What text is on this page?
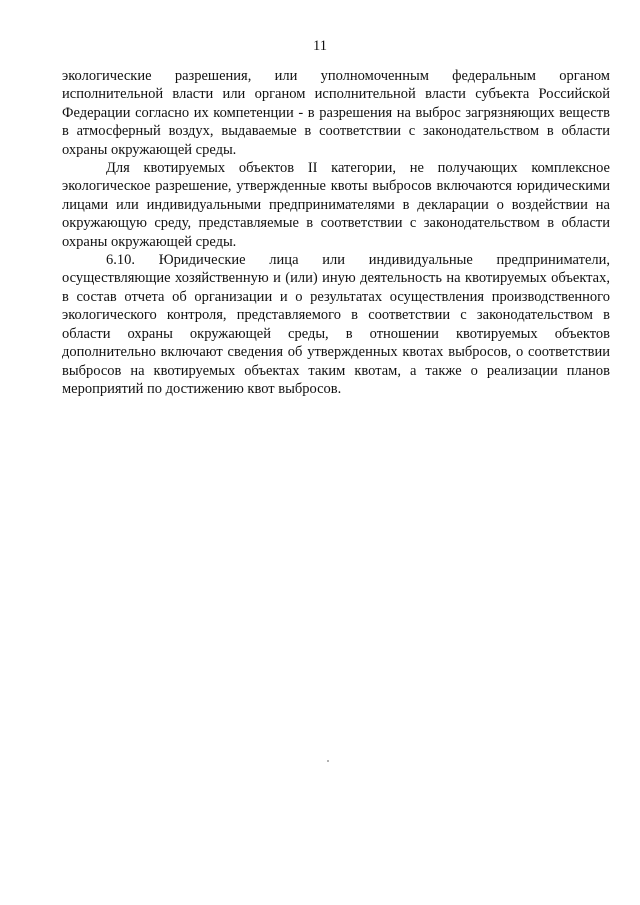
11

экологические разрешения, или уполномоченным федеральным органом исполнительной власти или органом исполнительной власти субъекта Российской Федерации согласно их компетенции - в разрешения на выброс загрязняющих веществ в атмосферный воздух, выдаваемые в соответствии с законодательством в области охраны окружающей среды.

Для квотируемых объектов II категории, не получающих комплексное экологическое разрешение, утвержденные квоты выбросов включаются юридическими лицами или индивидуальными предпринимателями в декларации о воздействии на окружающую среду, представляемые в соответствии с законодательством в области охраны окружающей среды.

6.10. Юридические лица или индивидуальные предприниматели, осуществляющие хозяйственную и (или) иную деятельность на квотируемых объектах, в состав отчета об организации и о результатах осуществления производственного экологического контроля, представляемого в соответствии с законодательством в области охраны окружающей среды, в отношении квотируемых объектов дополнительно включают сведения об утвержденных квотах выбросов, о соответствии выбросов на квотируемых объектах таким квотам, а также о реализации планов мероприятий по достижению квот выбросов.
